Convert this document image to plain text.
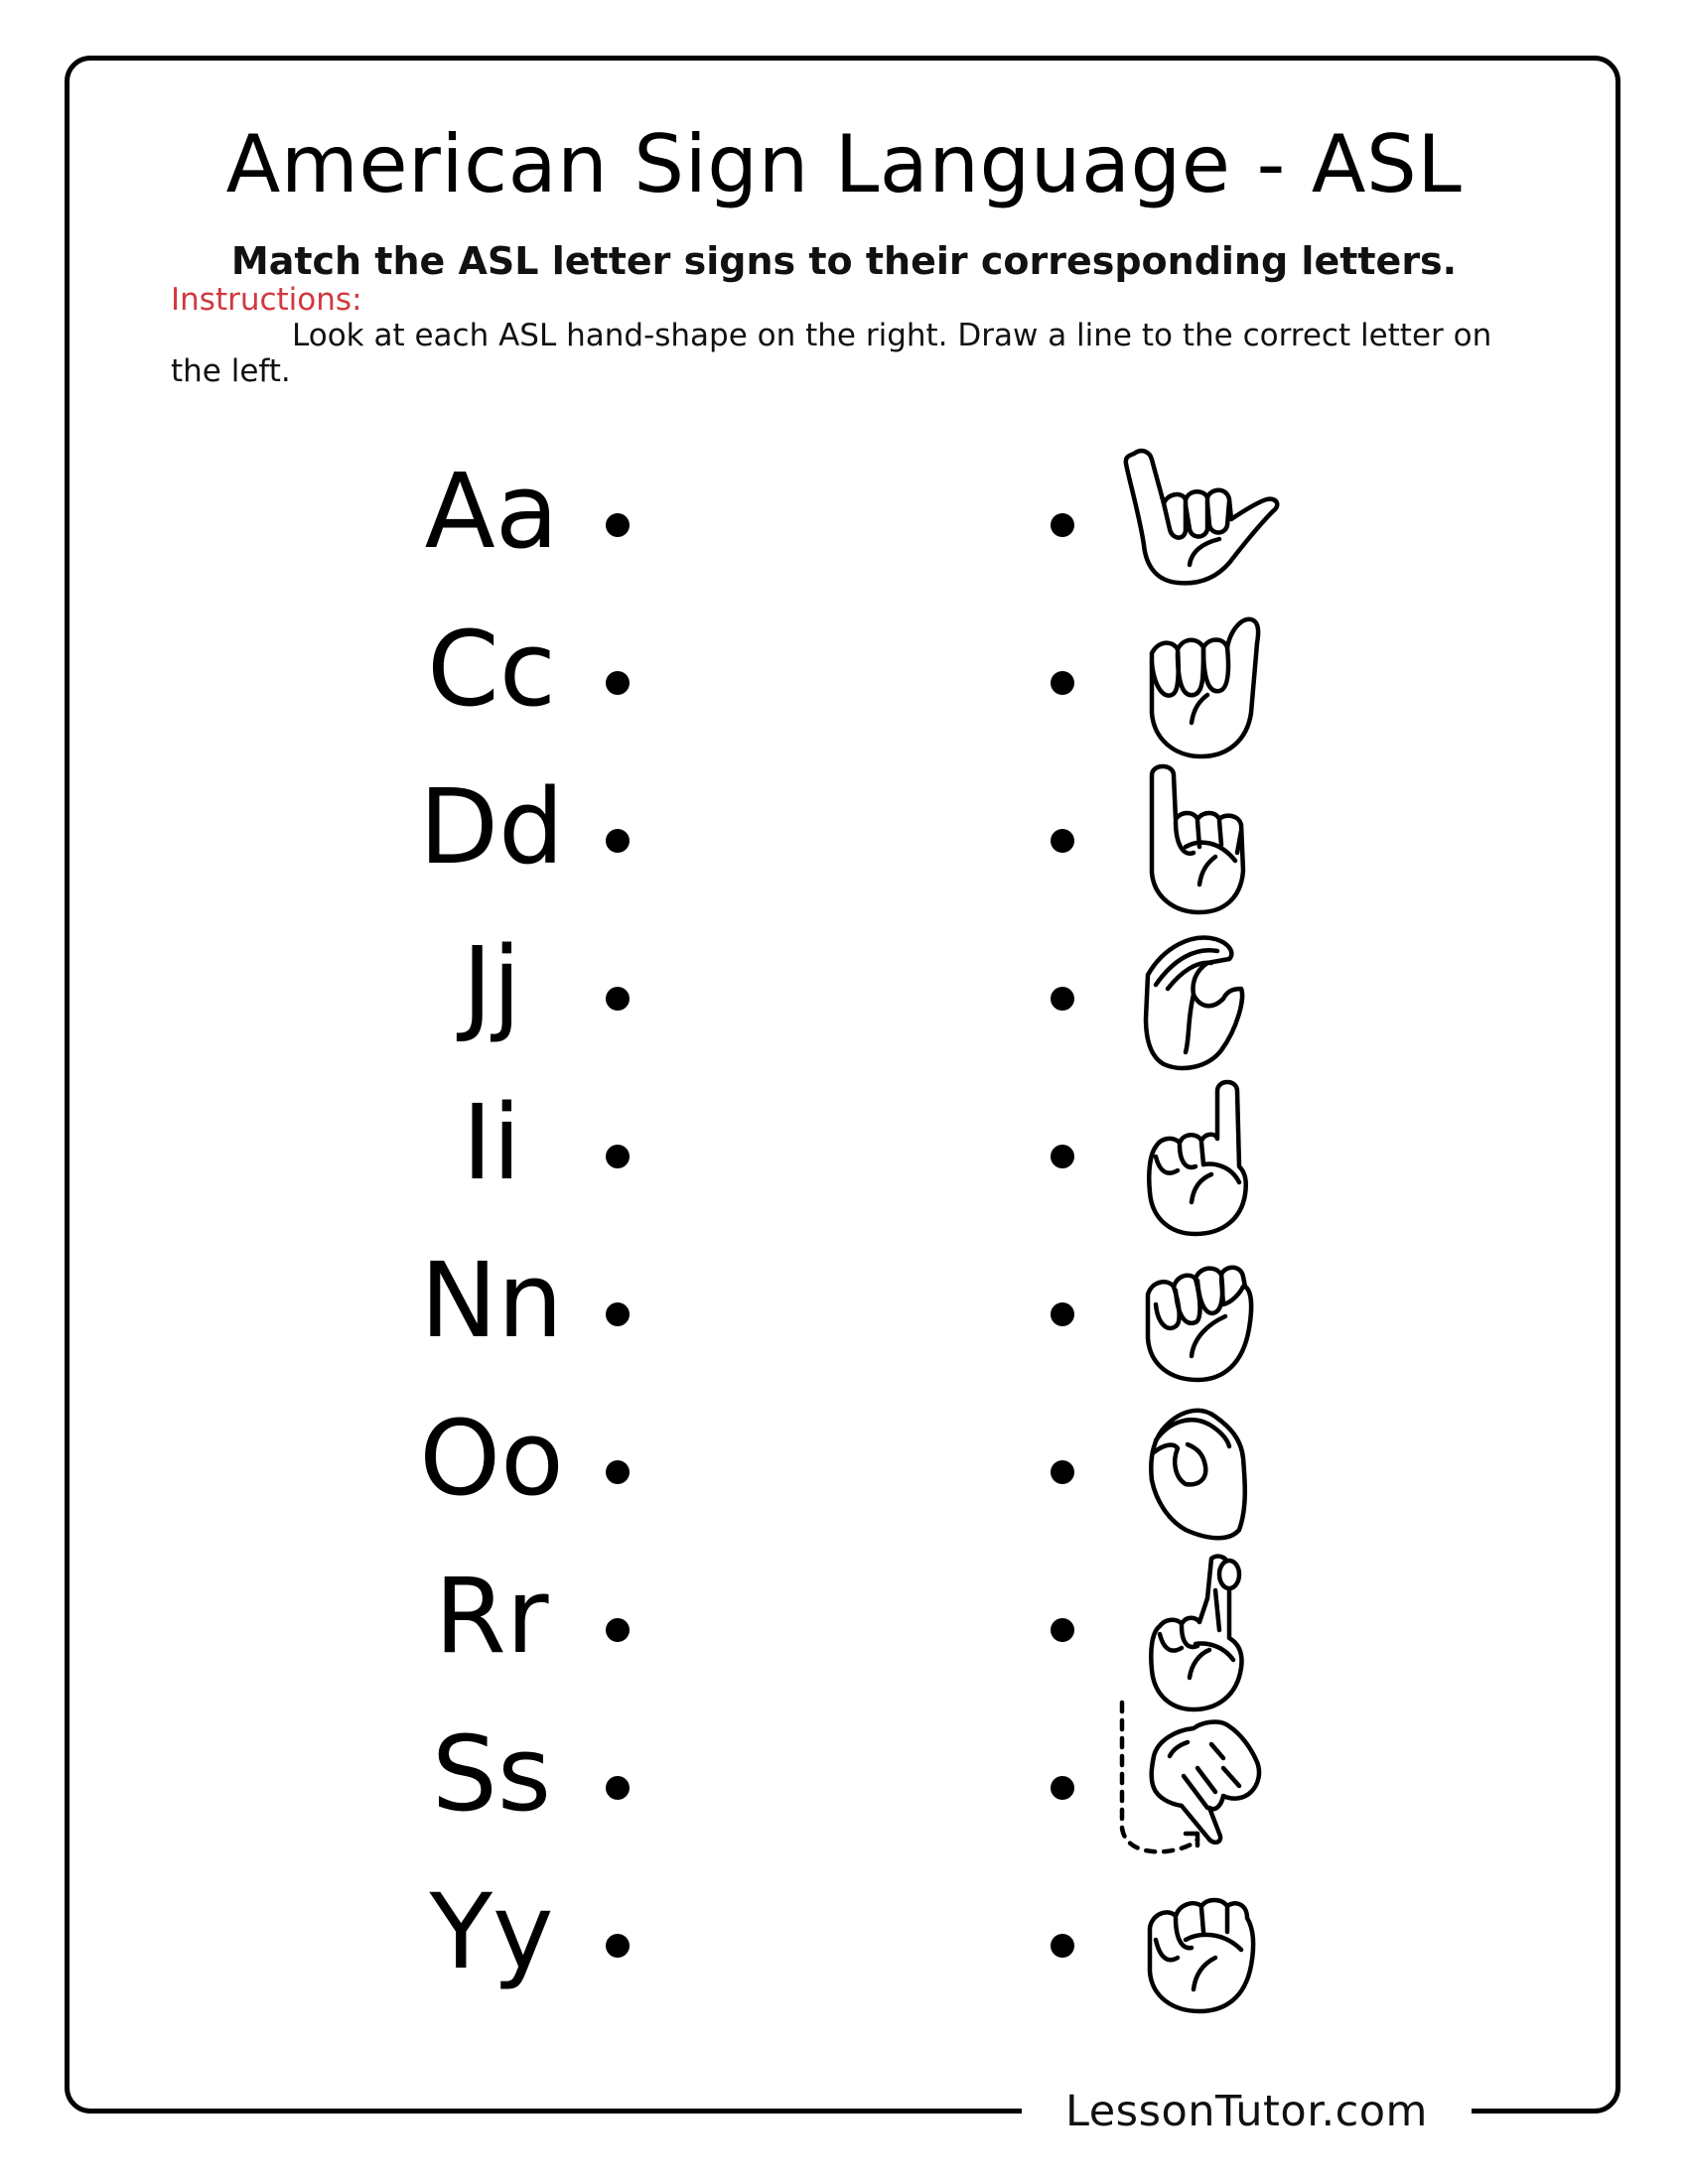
LessonTutor.com
American Sign Language - ASL
Match the ASL letter signs to their corresponding letters.
Instructions:
Look at each ASL hand-shape on the right. Draw a line to the correct letter on the left.
Aa
Cc
Dd
Jj
Ii
Nn
Oo
Rr
Ss
Yy
